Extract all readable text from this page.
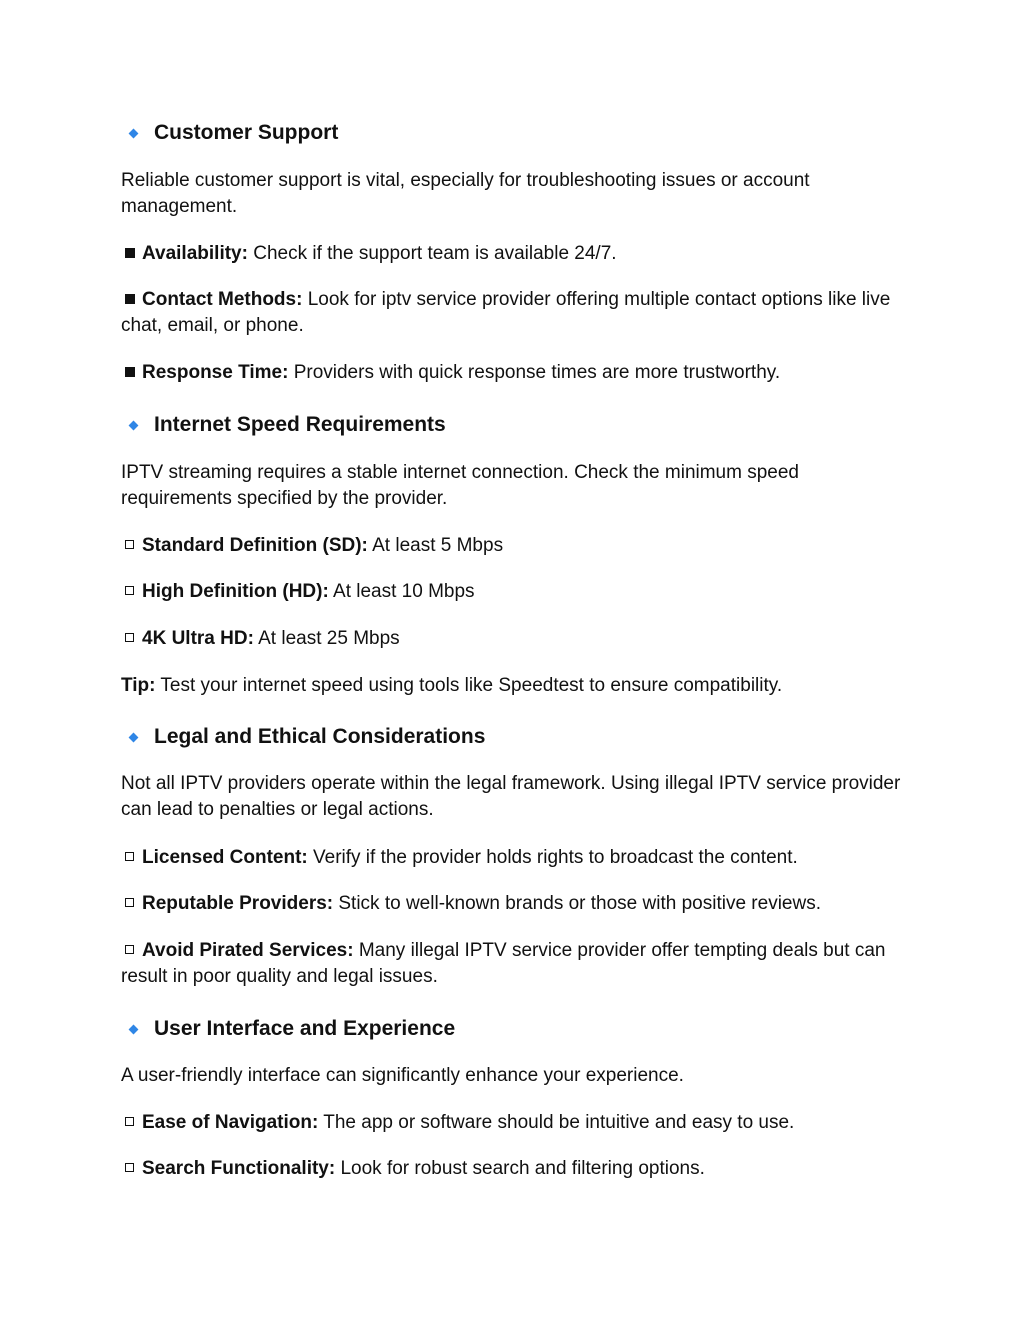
Customer Support
Reliable customer support is vital, especially for troubleshooting issues or account management.
Availability: Check if the support team is available 24/7.
Contact Methods: Look for iptv service provider offering multiple contact options like live chat, email, or phone.
Response Time: Providers with quick response times are more trustworthy.
Internet Speed Requirements
IPTV streaming requires a stable internet connection. Check the minimum speed requirements specified by the provider.
Standard Definition (SD): At least 5 Mbps
High Definition (HD): At least 10 Mbps
4K Ultra HD: At least 25 Mbps
Tip: Test your internet speed using tools like Speedtest to ensure compatibility.
Legal and Ethical Considerations
Not all IPTV providers operate within the legal framework. Using illegal IPTV service provider can lead to penalties or legal actions.
Licensed Content: Verify if the provider holds rights to broadcast the content.
Reputable Providers: Stick to well-known brands or those with positive reviews.
Avoid Pirated Services: Many illegal IPTV service provider offer tempting deals but can result in poor quality and legal issues.
User Interface and Experience
A user-friendly interface can significantly enhance your experience.
Ease of Navigation: The app or software should be intuitive and easy to use.
Search Functionality: Look for robust search and filtering options.
